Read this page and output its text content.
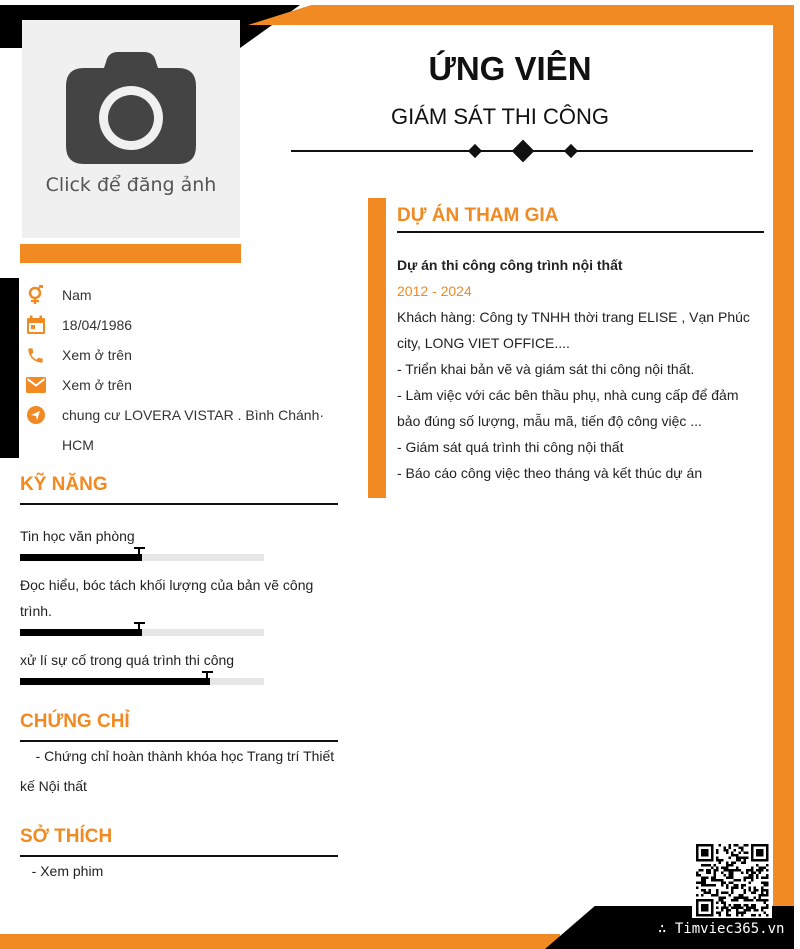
Click để đăng ảnh
Nam
18/04/1986
Xem ở trên
Xem ở trên
chung cư LOVERA VISTAR . Bình Chánh· HCM
KỸ NĂNG
Tin học văn phòng
Đọc hiểu, bóc tách khối lượng của bản vẽ công trình.
xử lí sự cố trong quá trình thi công
CHỨNG CHỈ
- Chứng chỉ hoàn thành khóa học Trang trí Thiết kế Nội thất
SỞ THÍCH
- Xem phim
ỨNG VIÊN
GIÁM SÁT THI CÔNG
DỰ ÁN THAM GIA
Dự án thi công công trình nội thất
2012 - 2024
Khách hàng: Công ty TNHH thời trang ELISE , Vạn Phúc city, LONG VIET OFFICE....
- Triển khai bản vẽ và giám sát thi công nội thất.
- Làm việc với các bên thầu phụ, nhà cung cấp để đảm bảo đúng số lượng, mẫu mã, tiến độ công việc ...
- Giám sát quá trình thi công nội thất
- Báo cáo công việc theo tháng và kết thúc dự án
∴ Timviec365.vn
